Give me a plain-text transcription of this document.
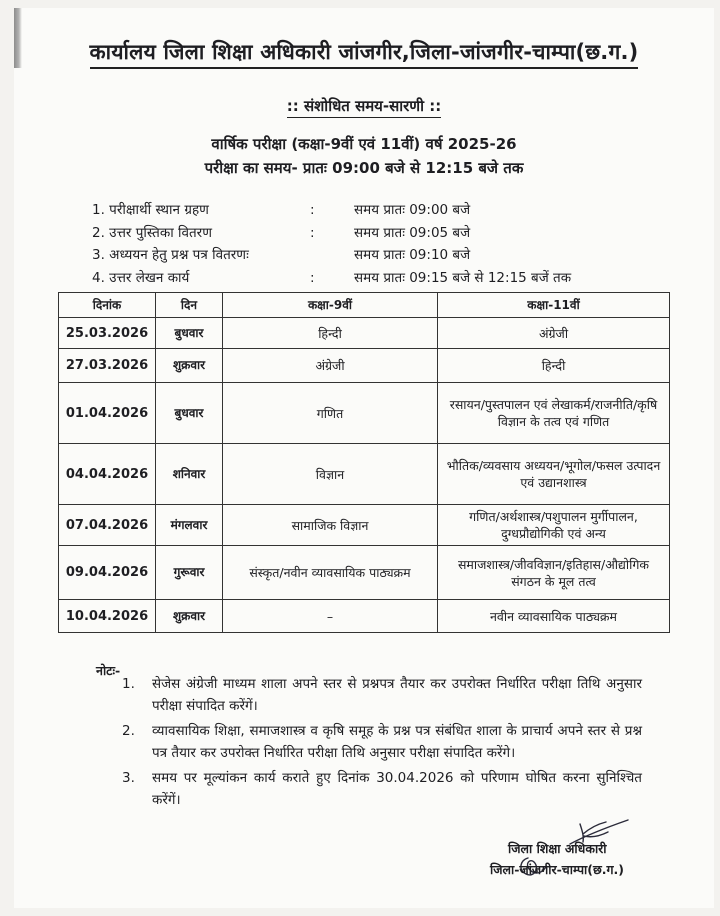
कार्यालय जिला शिक्षा अधिकारी जांजगीर,जिला-जांजगीर-चाम्पा(छ.ग.)
:: संशोधित समय-सारणी ::
वार्षिक परीक्षा (कक्षा-9वीं एवं 11वीं) वर्ष 2025-26
परीक्षा का समय- प्रातः 09:00 बजे से 12:15 बजे तक
1. परीक्षार्थी स्थान ग्रहण	:	समय प्रातः 09:00 बजे
2. उत्तर पुस्तिका वितरण	:	समय प्रातः 09:05 बजे
3. अध्ययन हेतु प्रश्न पत्र वितरणः	समय प्रातः 09:10 बजे
4. उत्तर लेखन कार्य	:	समय प्रातः 09:15 बजे से 12:15 बजें तक
दिनांक	दिन	कक्षा-9वीं	कक्षा-11वीं
25.03.2026	बुधवार	हिन्दी	अंग्रेजी
27.03.2026	शुक्रवार	अंग्रेजी	हिन्दी
01.04.2026	बुधवार	गणित	रसायन/पुस्तपालन एवं लेखाकर्म/राजनीति/कृषि विज्ञान के तत्व एवं गणित
04.04.2026	शनिवार	विज्ञान	भौतिक/व्यवसाय अध्ययन/भूगोल/फसल उत्पादन एवं उद्यानशास्त्र
07.04.2026	मंगलवार	सामाजिक विज्ञान	गणित/अर्थशास्त्र/पशुपालन मुर्गीपालन, दुग्धप्रौद्योगिकी एवं अन्य
09.04.2026	गुरूवार	संस्कृत/नवीन व्यावसायिक पाठ्यक्रम	समाजशास्त्र/जीवविज्ञान/इतिहास/औद्योगिक संगठन के मूल तत्व
10.04.2026	शुक्रवार	–	नवीन व्यावसायिक पाठ्यक्रम
नोटः-
1. सेजेस अंग्रेजी माध्यम शाला अपने स्तर से प्रश्नपत्र तैयार कर उपरोक्त निर्धारित परीक्षा तिथि अनुसार परीक्षा संपादित करेंगें।
2. व्यावसायिक शिक्षा, समाजशास्त्र व कृषि समूह के प्रश्न पत्र संबंधित शाला के प्राचार्य अपने स्तर से प्रश्न पत्र तैयार कर उपरोक्त निर्धारित परीक्षा तिथि अनुसार परीक्षा संपादित करेंगे।
3. समय पर मूल्यांकन कार्य कराते हुए दिनांक 30.04.2026 को परिणाम घोषित करना सुनिश्चित करेंगें।
जिला शिक्षा अधिकारी
जिला-जांजगीर-चाम्पा(छ.ग.)
